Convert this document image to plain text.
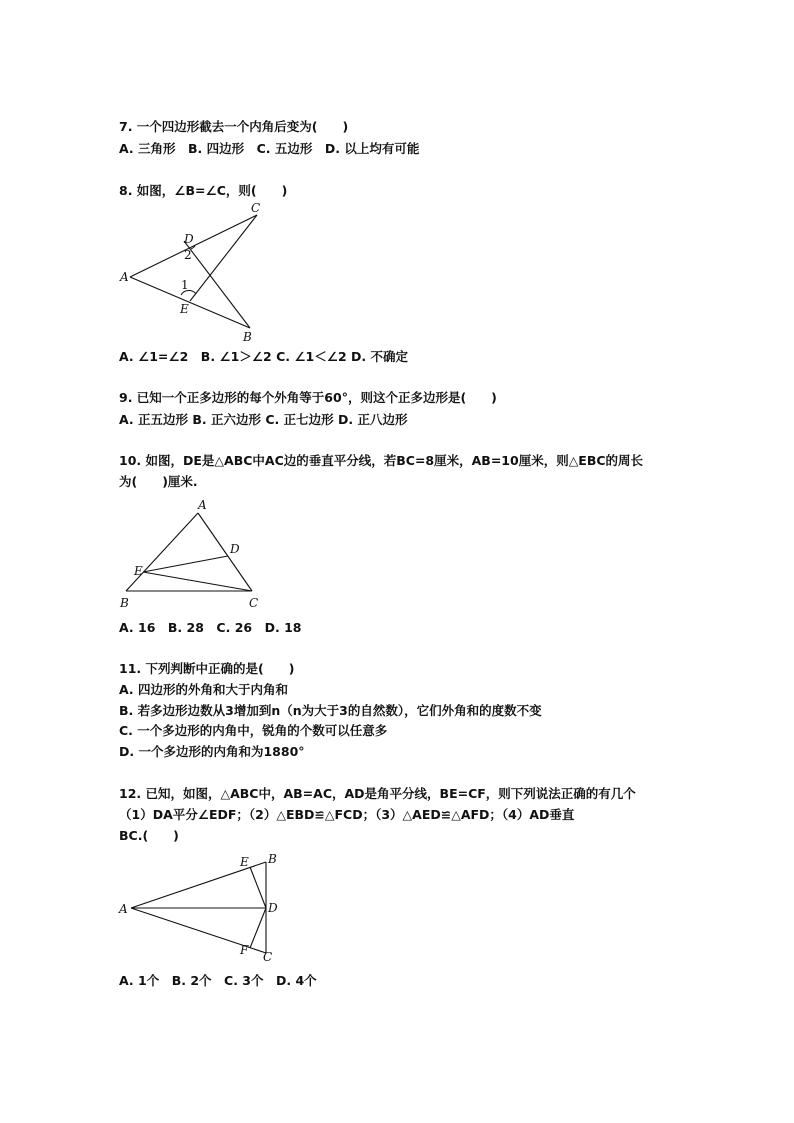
7. 一个四边形截去一个内角后变为(　　)
A. 三角形　B. 四边形　C. 五边形　D. 以上均有可能
8. 如图，∠B=∠C，则(　　)
C
D
2
A
1
E
B
A. ∠1=∠2　B. ∠1＞∠2 C. ∠1＜∠2 D. 不确定
9. 已知一个正多边形的每个外角等于60°，则这个正多边形是(　　)
A. 正五边形 B. 正六边形 C. 正七边形 D. 正八边形
10. 如图，DE是△ABC中AC边的垂直平分线，若BC=8厘米，AB=10厘米，则△EBC的周长
为(　　)厘米.
A
D
E
B	C
A. 16　B. 28　C. 26　D. 18
11. 下列判断中正确的是(　　)
A. 四边形的外角和大于内角和
B. 若多边形边数从3增加到n（n为大于3的自然数），它们外角和的度数不变
C. 一个多边形的内角中，锐角的个数可以任意多
D. 一个多边形的内角和为1880°
12. 已知，如图，△ABC中，AB=AC，AD是角平分线，BE=CF，则下列说法正确的有几个
（1）DA平分∠EDF；（2）△EBD≌△FCD；（3）△AED≌△AFD；（4）AD垂直
BC.(　　)
E B
A	D
F C
A. 1个　B. 2个　C. 3个　D. 4个
